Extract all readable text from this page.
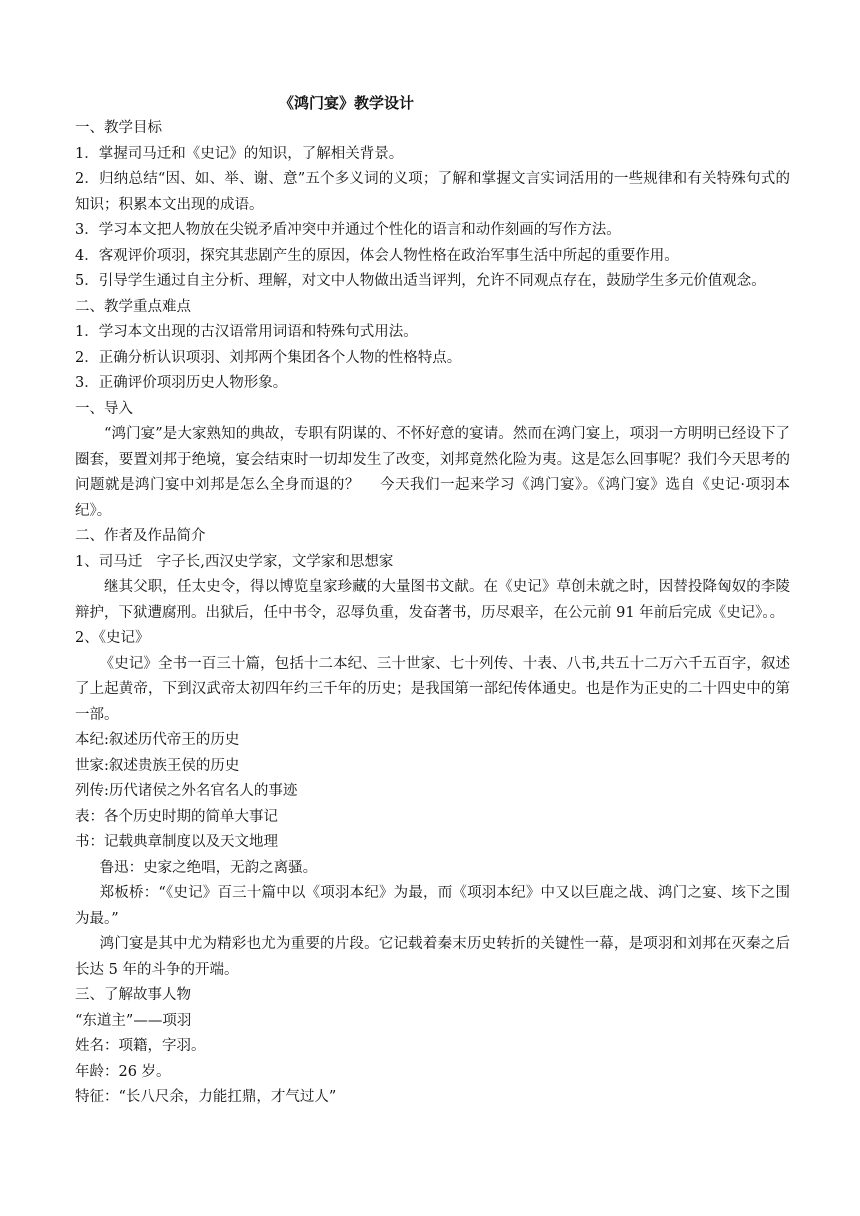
《鸿门宴》教学设计

一、教学目标

1．掌握司马迁和《史记》的知识，了解相关背景。

2．归纳总结“因、如、举、谢、意”五个多义词的义项；了解和掌握文言实词活用的一些规律和有关特殊句式的知识；积累本文出现的成语。

3．学习本文把人物放在尖锐矛盾冲突中并通过个性化的语言和动作刻画的写作方法。

4．客观评价项羽，探究其悲剧产生的原因，体会人物性格在政治军事生活中所起的重要作用。

5．引导学生通过自主分析、理解，对文中人物做出适当评判，允许不同观点存在，鼓励学生多元价值观念。

二、教学重点难点

1．学习本文出现的古汉语常用词语和特殊句式用法。

2．正确分析认识项羽、刘邦两个集团各个人物的性格特点。

3．正确评价项羽历史人物形象。

一、导入

“鸿门宴”是大家熟知的典故，专职有阴谋的、不怀好意的宴请。然而在鸿门宴上，项羽一方明明已经设下了圈套，要置刘邦于绝境，宴会结束时一切却发生了改变，刘邦竟然化险为夷。这是怎么回事呢？我们今天思考的问题就是鸿门宴中刘邦是怎么全身而退的？　 今天我们一起来学习《鸿门宴》。《鸿门宴》选自《史记·项羽本纪》。

二、作者及作品简介

1、司马迁　字子长,西汉史学家，文学家和思想家

继其父职，任太史令，得以博览皇家珍藏的大量图书文献。在《史记》草创未就之时，因替投降匈奴的李陵辩护，下狱遭腐刑。出狱后，任中书令，忍辱负重，发奋著书，历尽艰辛，在公元前 91 年前后完成《史记》。。

2、《史记》

《史记》全书一百三十篇，包括十二本纪、三十世家、七十列传、十表、八书,共五十二万六千五百字，叙述了上起黄帝，下到汉武帝太初四年约三千年的历史；是我国第一部纪传体通史。也是作为正史的二十四史中的第一部。

本纪:叙述历代帝王的历史

世家:叙述贵族王侯的历史

列传:历代诸侯之外名官名人的事迹

表：各个历史时期的简单大事记

书：记载典章制度以及天文地理

鲁迅：史家之绝唱，无韵之离骚。

郑板桥：“《史记》百三十篇中以《项羽本纪》为最，而《项羽本纪》中又以巨鹿之战、鸿门之宴、垓下之围为最。”

鸿门宴是其中尤为精彩也尤为重要的片段。它记载着秦末历史转折的关键性一幕，是项羽和刘邦在灭秦之后长达 5 年的斗争的开端。

三、了解故事人物

“东道主”——项羽

姓名：项籍，字羽。

年龄：26 岁。

特征：“长八尺余，力能扛鼎，才气过人”
